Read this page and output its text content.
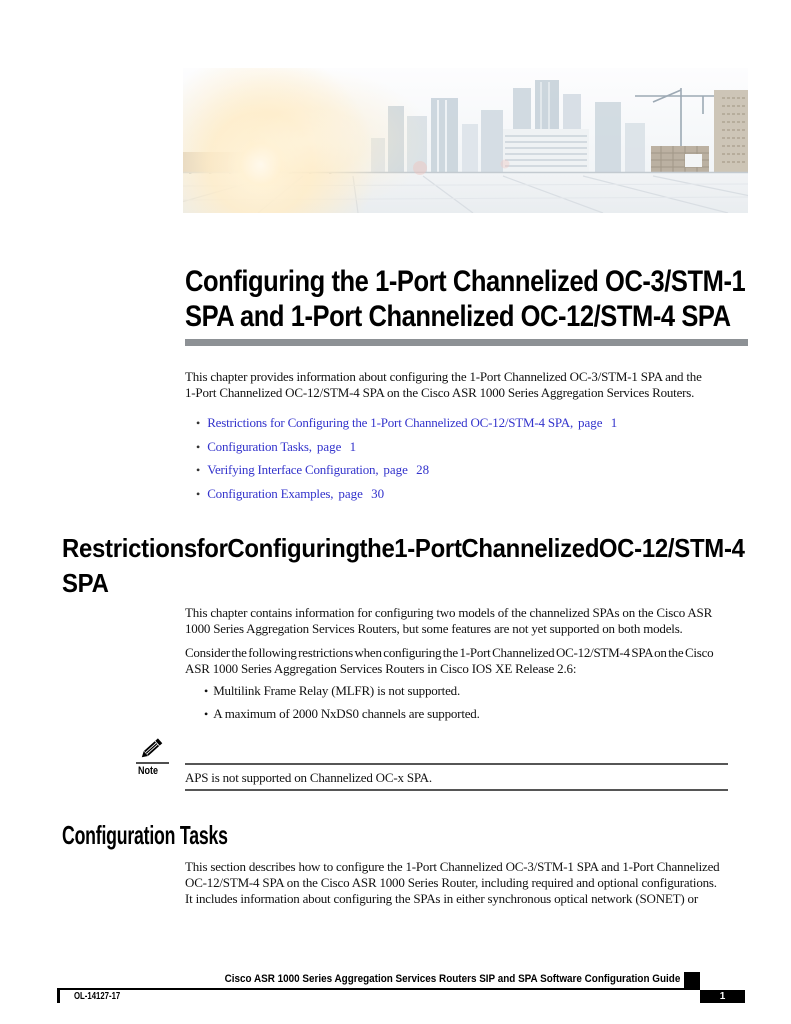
Configuring the 1-Port Channelized OC-3/STM-1
SPA and 1-Port Channelized OC-12/STM-4 SPA
This chapter provides information about configuring the 1-Port Channelized OC-3/STM-1 SPA and the
1-Port Channelized OC-12/STM-4 SPA on the Cisco ASR 1000 Series Aggregation Services Routers.
•
Restrictions for Configuring the 1-Port Channelized OC-12/STM-4 SPA, page 1
•
Configuration Tasks, page 1
•
Verifying Interface Configuration, page 28
•
Configuration Examples, page 30
Restrictions for Configuring the 1-Port Channelized OC-12/STM-4
SPA
This chapter contains information for configuring two models of the channelized SPAs on the Cisco ASR
1000 Series Aggregation Services Routers, but some features are not yet supported on both models.
Consider the following restrictions when configuring the 1-Port Channelized OC-12/STM-4 SPA on the Cisco
ASR 1000 Series Aggregation Services Routers in Cisco IOS XE Release 2.6:
•
Multilink Frame Relay (MLFR) is not supported.
•
A maximum of 2000 NxDS0 channels are supported.
Note APS is not supported on Channelized OC-x SPA.
Configuration Tasks
This section describes how to configure the 1-Port Channelized OC-3/STM-1 SPA and 1-Port Channelized
OC-12/STM-4 SPA on the Cisco ASR 1000 Series Router, including required and optional configurations.
It includes information about configuring the SPAs in either synchronous optical network (SONET) or
Cisco ASR 1000 Series Aggregation Services Routers SIP and SPA Software Configuration Guide
OL-14127-17	1
